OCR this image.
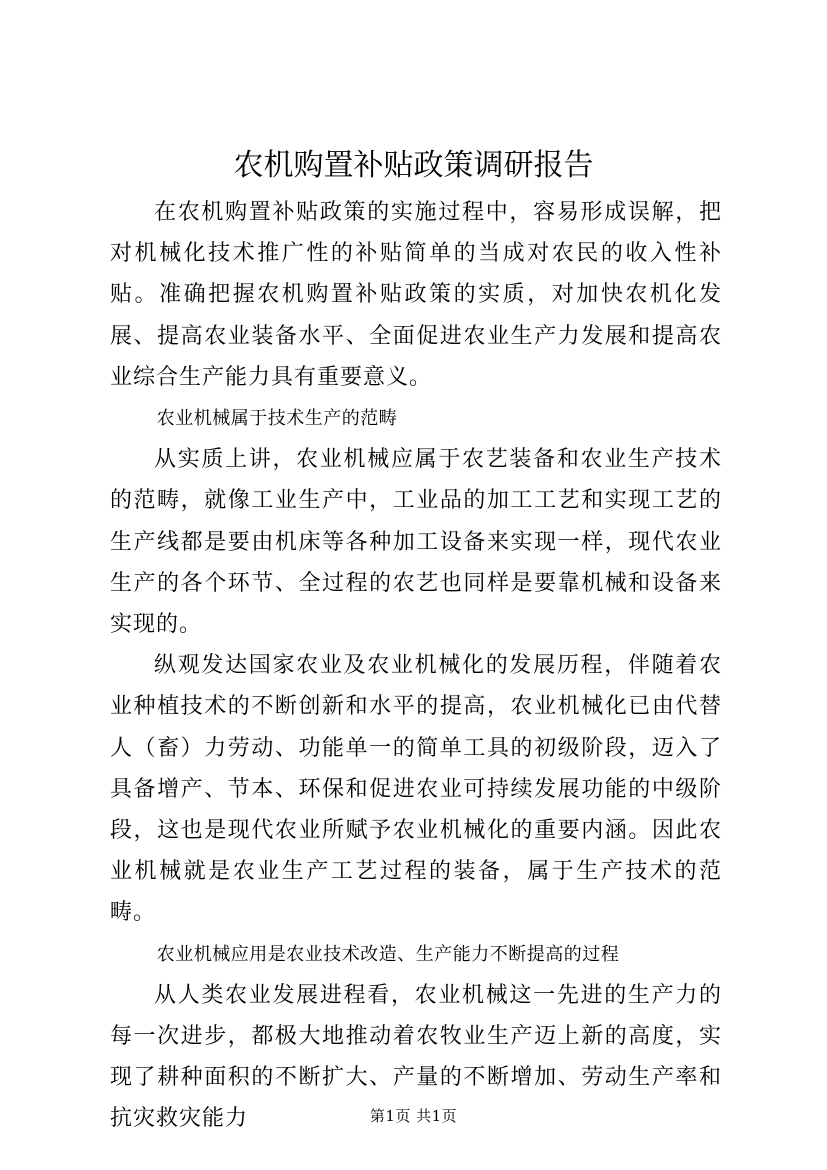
农机购置补贴政策调研报告

在农机购置补贴政策的实施过程中，容易形成误解，把对机械化技术推广性的补贴简单的当成对农民的收入性补贴。准确把握农机购置补贴政策的实质，对加快农机化发展、提高农业装备水平、全面促进农业生产力发展和提高农业综合生产能力具有重要意义。

农业机械属于技术生产的范畴

从实质上讲，农业机械应属于农艺装备和农业生产技术的范畴，就像工业生产中，工业品的加工工艺和实现工艺的生产线都是要由机床等各种加工设备来实现一样，现代农业生产的各个环节、全过程的农艺也同样是要靠机械和设备来实现的。

纵观发达国家农业及农业机械化的发展历程，伴随着农业种植技术的不断创新和水平的提高，农业机械化已由代替人（畜）力劳动、功能单一的简单工具的初级阶段，迈入了具备增产、节本、环保和促进农业可持续发展功能的中级阶段，这也是现代农业所赋予农业机械化的重要内涵。因此农业机械就是农业生产工艺过程的装备，属于生产技术的范畴。

农业机械应用是农业技术改造、生产能力不断提高的过程

从人类农业发展进程看，农业机械这一先进的生产力的每一次进步，都极大地推动着农牧业生产迈上新的高度，实现了耕种面积的不断扩大、产量的不断增加、劳动生产率和抗灾救灾能力	第1页 共1页
